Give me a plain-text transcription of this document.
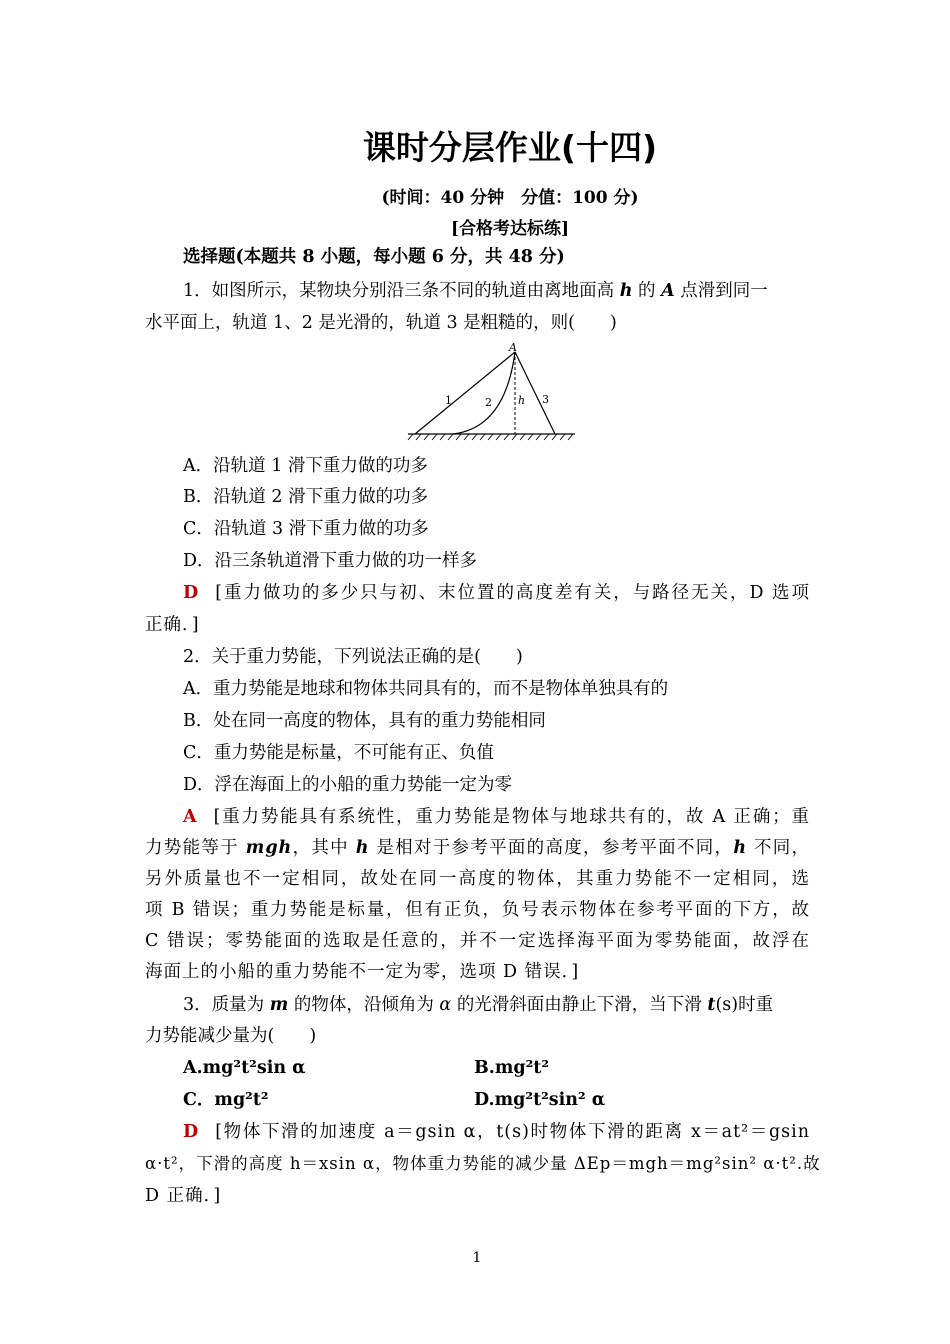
课时分层作业(十四)
(时间：40 分钟　分值：100 分)
[合格考达标练]
选择题(本题共 8 小题，每小题 6 分，共 48 分)
1．如图所示，某物块分别沿三条不同的轨道由离地面高 h 的 A 点滑到同一
水平面上，轨道 1、2 是光滑的，轨道 3 是粗糙的，则(　　)
A
1	2 h 3
A．沿轨道 1 滑下重力做的功多
B．沿轨道 2 滑下重力做的功多
C．沿轨道 3 滑下重力做的功多
D．沿三条轨道滑下重力做的功一样多
D [重力做功的多少只与初、末位置的高度差有关，与路径无关，D 选项
正确．]
2．关于重力势能，下列说法正确的是(　　)
A．重力势能是地球和物体共同具有的，而不是物体单独具有的
B．处在同一高度的物体，具有的重力势能相同
C．重力势能是标量，不可能有正、负值
D．浮在海面上的小船的重力势能一定为零
A [重力势能具有系统性，重力势能是物体与地球共有的，故 A 正确；重
力势能等于 mgh，其中 h 是相对于参考平面的高度，参考平面不同，h 不同，
另外质量也不一定相同，故处在同一高度的物体，其重力势能不一定相同，选
项 B 错误；重力势能是标量，但有正负，负号表示物体在参考平面的下方，故
C 错误；零势能面的选取是任意的，并不一定选择海平面为零势能面，故浮在
海面上的小船的重力势能不一定为零，选项 D 错误．]
3．质量为 m 的物体，沿倾角为 α 的光滑斜面由静止下滑，当下滑 t(s)时重
力势能减少量为(　　)
A.mg²t²sin α	B.mg²t²
C．mg²t²	D.mg²t²sin² α
D [物体下滑的加速度 a＝gsin α，t(s)时物体下滑的距离 x＝at²＝gsin
α·t²，下滑的高度 h＝xsin α，物体重力势能的减少量 ΔEp＝mgh＝mg²sin² α·t².故
D 正确．]
1
